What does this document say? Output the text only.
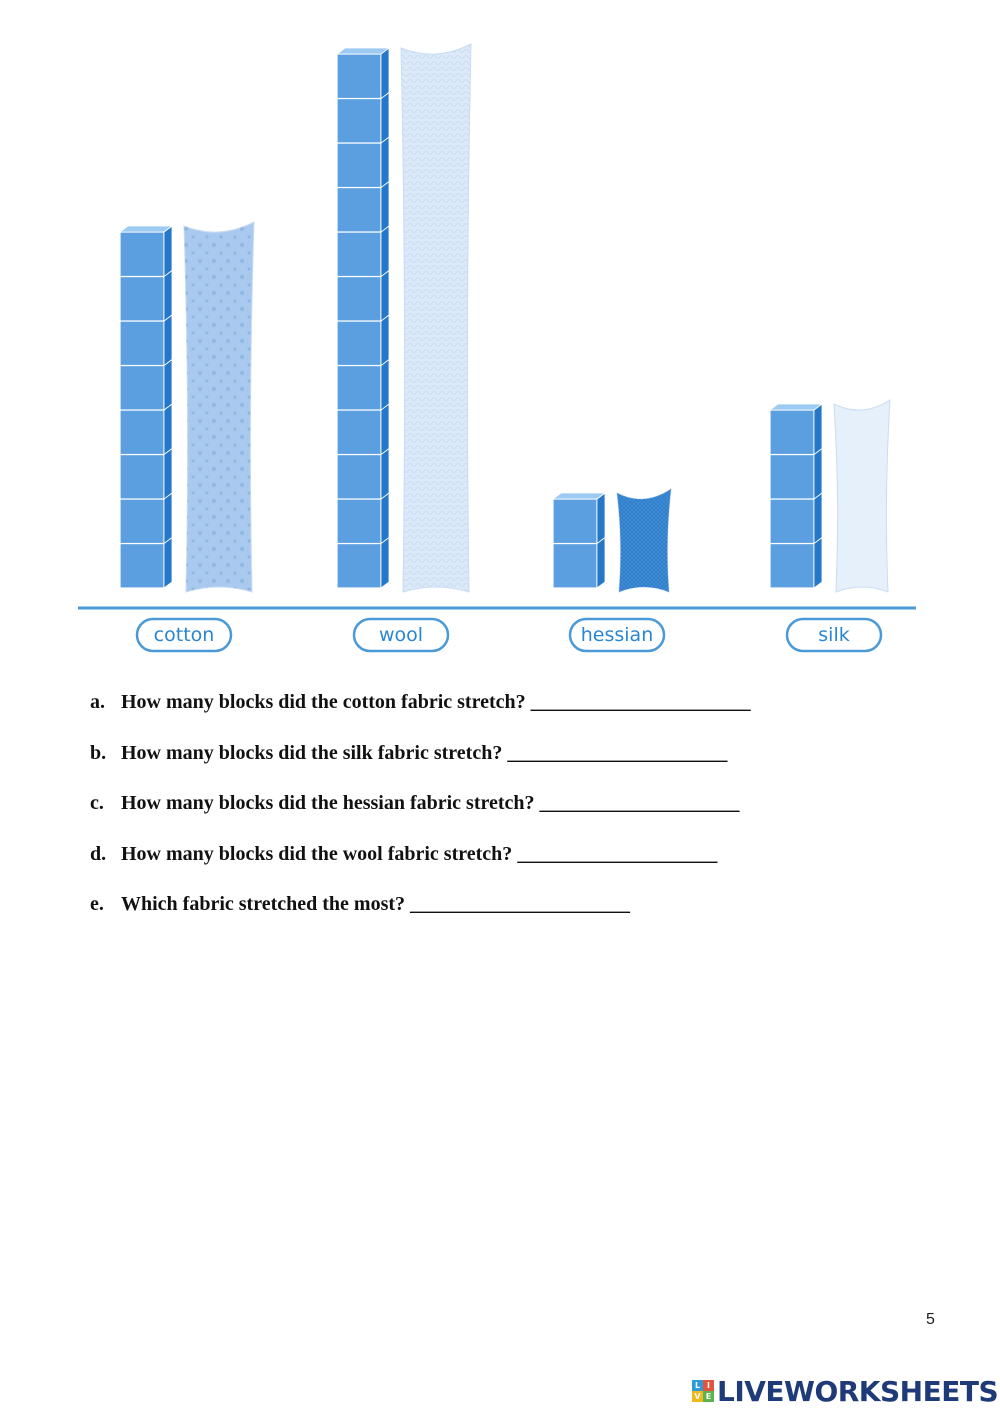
cotton	wool	hessian	silk
a. How many blocks did the cotton fabric stretch? ______________________
b. How many blocks did the silk fabric stretch? ______________________
c. How many blocks did the hessian fabric stretch? ____________________
d. How many blocks did the wool fabric stretch? ____________________
e. Which fabric stretched the most? ______________________
5
L I
V E LIVEWORKSHEETS
